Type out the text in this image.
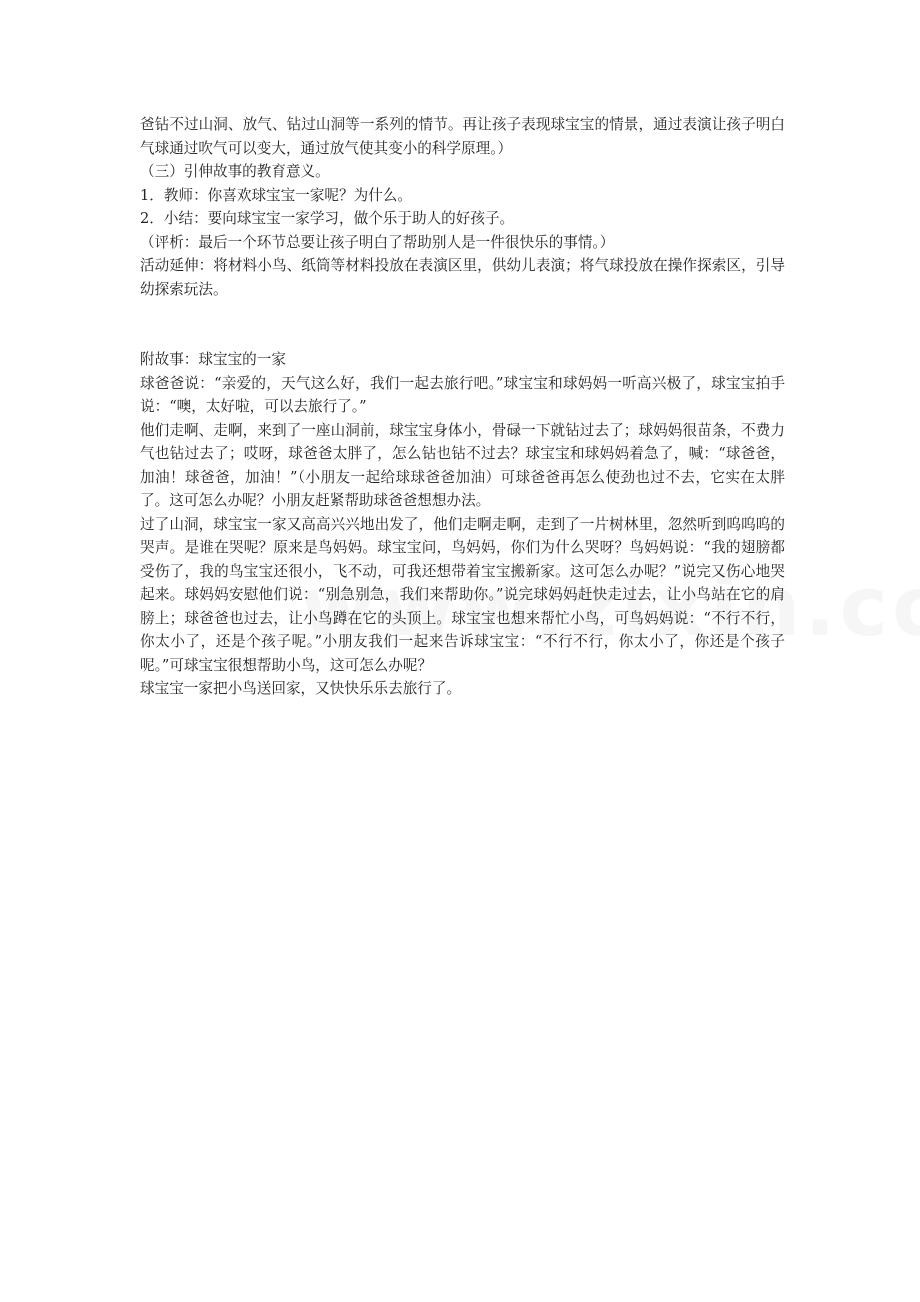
爸钻不过山洞、放气、钻过山洞等一系列的情节。再让孩子表现球宝宝的情景，通过表演让孩子明白气球通过吹气可以变大，通过放气使其变小的科学原理。）

（三）引伸故事的教育意义。

1．教师：你喜欢球宝宝一家呢？为什么。

2．小结：要向球宝宝一家学习，做个乐于助人的好孩子。

（评析：最后一个环节总要让孩子明白了帮助别人是一件很快乐的事情。）

活动延伸：将材料小鸟、纸筒等材料投放在表演区里，供幼儿表演；将气球投放在操作探索区，引导幼探索玩法。

附故事：球宝宝的一家

球爸爸说：“亲爱的，天气这么好，我们一起去旅行吧。”球宝宝和球妈妈一听高兴极了，球宝宝拍手说：“噢，太好啦，可以去旅行了。”

他们走啊、走啊，来到了一座山洞前，球宝宝身体小，骨碌一下就钻过去了；球妈妈很苗条，不费力气也钻过去了；哎呀，球爸爸太胖了，怎么钻也钻不过去？球宝宝和球妈妈着急了，喊：“球爸爸，加油！球爸爸，加油！”（小朋友一起给球球爸爸加油）可球爸爸再怎么使劲也过不去，它实在太胖了。这可怎么办呢？小朋友赶紧帮助球爸爸想想办法。

过了山洞，球宝宝一家又高高兴兴地出发了，他们走啊走啊，走到了一片树林里，忽然听到呜呜呜的哭声。是谁在哭呢？原来是鸟妈妈。球宝宝问，鸟妈妈，你们为什么哭呀？鸟妈妈说：“我的翅膀都受伤了，我的鸟宝宝还很小，飞不动，可我还想带着宝宝搬新家。这可怎么办呢？”说完又伤心地哭起来。球妈妈安慰他们说：“别急别急，我们来帮助你。”说完球妈妈赶快走过去，让小鸟站在它的肩膀上；球爸爸也过去，让小鸟蹲在它的头顶上。球宝宝也想来帮忙小鸟，可鸟妈妈说：“不行不行，你太小了，还是个孩子呢。”小朋友我们一起来告诉球宝宝：“不行不行，你太小了，你还是个孩子呢。”可球宝宝很想帮助小鸟，这可怎么办呢？

球宝宝一家把小鸟送回家，又快快乐乐去旅行了。
